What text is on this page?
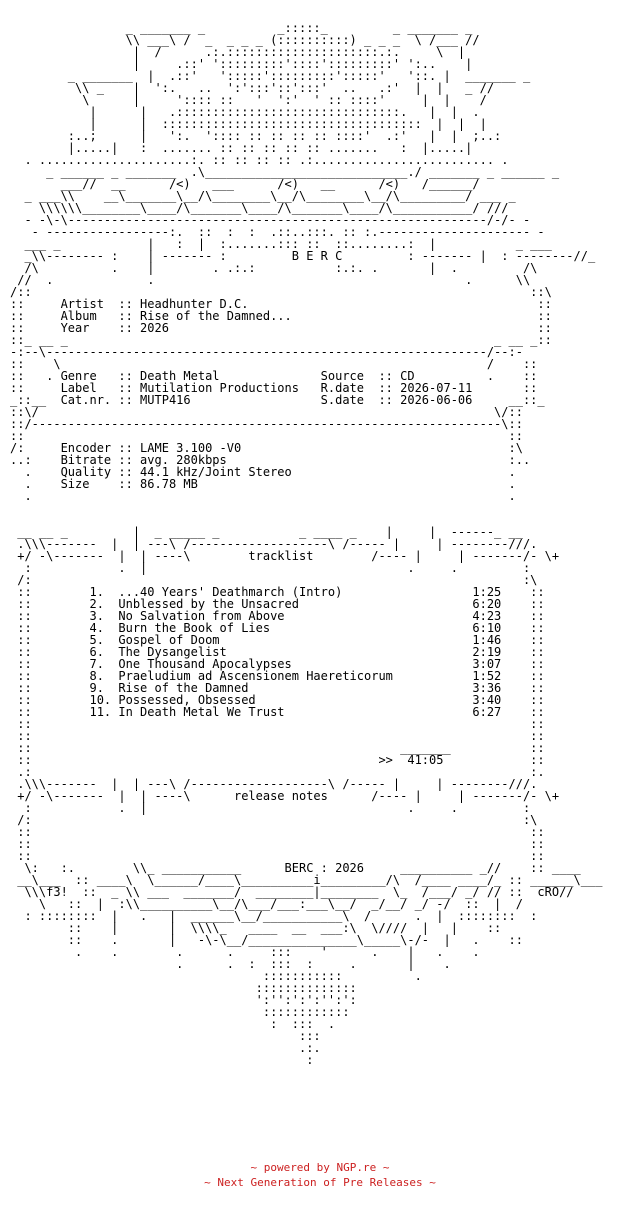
_ _______ _          _:::::_         _ _______ _
\\ ___\ /  _  _ _ _ (::::::::::) _ _ _  \ /___ //
|  /      .:.:::::::::::::::::::::.:.     \  |
|     .::' ':::::::::'::::':::::::::' ':..    |
_ _______  |  .::'   ':::::':::::::::':::::'   '::. |  _______ _
\\ _    |  ':.   ..  ':':::'::':::'  ..   .:'  |  |   _ //
\      |     ':::: ::   '  ':'  ' :: ::::'     |  |    /
|      |   .:::::::::::::::::::::::::::::::.   |  |  .
|      |  ::::::::::::::::::::::::::::::::::::  |  |  |
:..;      |   ':.  ':::: :: :: :: :: ::::'  .:'   |  |  ;..:
|.....|   :  ....... :: :: :: :: :: .......   :  |.....|
. .....................:. :: :: :: :: .:......................... .
_ ______ _ _______  .\____________________________./ _______ _ ______ _
___//  __      /<)   ___      /<)   __      /<)   /______/
_ ___\\    __\_______\__/\________\__/\________\__/\_________/ ___ _
\\\\\\________\____/\_______\____/\_______\____/\___________/ ///
- -\-\----------------------------------------------------------/-/- -
- -----------------:.  ::  :  :  .::..:::. :: :.--------------------- -
___ _            |   :  |  :.......::: ::  ::........:  |           _ ___
_\\-------- :    | ------- :         B E R C         : ------- |  : --------//_
/\          .    |        . .:.:           :.:. .       |  .         /\
//  .             .                                           .      \\
/::                                                                     ::\
::     Artist  :: Headhunter D.C.                                        ::
::     Album   :: Rise of the Damned...                                  ::
::     Year    :: 2026                                                   ::
::_ __ _                                                           _ __ _::
-:--\-------------------------------------------------------------/--:-
::    \                                                           /    ::
::   . Genre   :: Death Metal              Source  :: CD          .    ::
::     Label   :: Mutilation Productions   R.date  :: 2026-07-11       ::
_::__  Cat.nr. :: MUTP416                  S.date  :: 2026-06-06     __::_
::\/                                                               \/::
::/-----------------------------------------------------------------\::
::                                                                   ::
/:     Encoder :: LAME 3.100 -V0                                     :\
..:    Bitrate :: avg. 280kbps                                       :..
.    Quality :: 44.1 kHz/Joint Stereo                              .
.    Size    :: 86.78 MB                                           .
.                                                                  .

__ __ _         |  _ _____ _           _ ____ _    |     |  ------_ __
.\\\-------  |  | ---\ /-------------------\ /----- |     | --------///.
+/ -\-------  |  | ----\        tracklist        /---- |     | -------/- \+
:            .  |                                    .     .         :
/:                                                                    :\
::        1.  ...40 Years' Deathmarch (Intro)                  1:25    ::
::        2.  Unblessed by the Unsacred                        6:20    ::
::        3.  No Salvation from Above                          4:23    ::
::        4.  Burn the Book of Lies                            6:10    ::
::        5.  Gospel of Doom                                   1:46    ::
::        6.  The Dysangelist                                  2:19    ::
::        7.  One Thousand Apocalypses                         3:07    ::
::        8.  Praeludium ad Ascensionem Haereticorum           1:52    ::
::        9.  Rise of the Damned                               3:36    ::
::        10. Possessed, Obsessed                              3:40    ::
::        11. In Death Metal We Trust                          6:27    ::
::                                                                     ::
::                                                                     ::
::                                                   _______           ::
::                                                >>  41:05            ::
.:                                                                     :.
.\\\-------  |  | ---\ /-------------------\ /----- |     | --------///.
+/ -\-------  |  | ----\      release notes      /---- |     | -------/- \+
:            .  |                                    .     .         :
/:                                                                    :\
::                                                                     ::
::                                                                     ::
::                                                                     ::
\:   :.        \\_ ___________      BERC : 2026     __________ _//    :: ____
__\___  :: ____\  \______/____\__________i_________/\  /____ ____/_ :: ______\___
\\\f3!  ::  _ \\ ___  _______/  ________|________  \_  /___/ _/ // ::  cRO//
\   ::  |  :\\__________\__/\___/___:___\__/  _/__/ _/ -/  ::  |  /
: ::::::::  |   .   |  ______\__/___________\  /      .  |  ::::::::  :
::    |       |  \\\\_   ____  __  ___:\  \////  |   |    ::
::    .       |   -\-\__/_______________\_____\-/-  |   .    ::
.    .        .      .     :::    '      .    |   .    .
.      .  :  :::  :     .       |    .
:::::::::::          .
::::::::::::::
':'':':':'':':
::::::::::::
:  :::  .
:::
.:.
:
~ powered by NGP.re ~
~ Next Generation of Pre Releases ~
